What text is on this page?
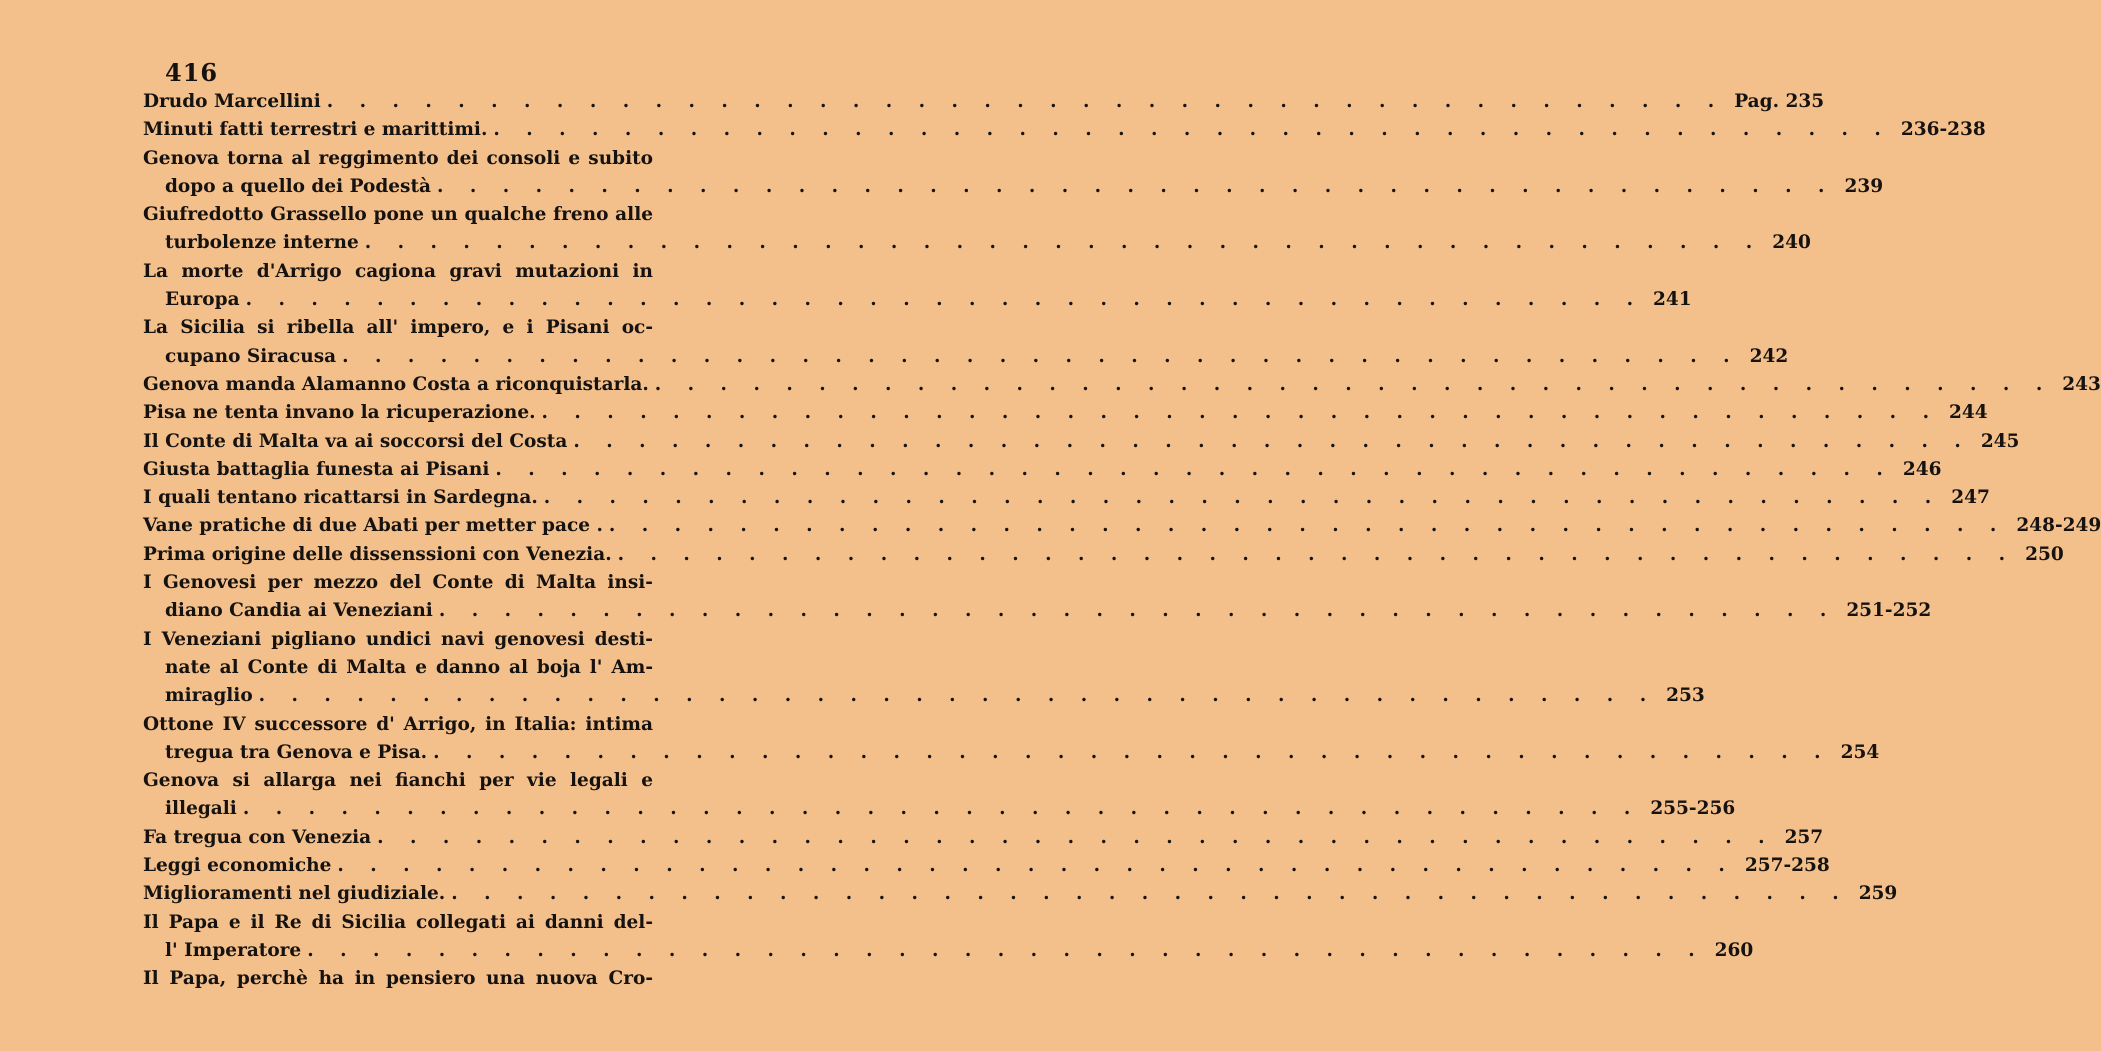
416
Drudo Marcellini . . .	Pag. 235
Minuti fatti terrestri e marittimi. . . .	236-238
Genova torna al reggimento dei consoli e subito
dopo a quello dei Podestà . . .	239
Giufredotto Grassello pone un qualche freno alle
turbolenze interne . . .	240
La morte d'Arrigo cagiona gravi mutazioni in
Europa . . .	241
La Sicilia si ribella all' impero, e i Pisani oc-
cupano Siracusa . . .	242
Genova manda Alamanno Costa a riconquistarla. . . .	243
Pisa ne tenta invano la ricuperazione. . . .	244
Il Conte di Malta va ai soccorsi del Costa . . .	245
Giusta battaglia funesta ai Pisani . . .	246
I quali tentano ricattarsi in Sardegna. . . .	247
Vane pratiche di due Abati per metter pace . . . .	248-249
Prima origine delle dissenssioni con Venezia. . . .	250
I Genovesi per mezzo del Conte di Malta insi-
diano Candia ai Veneziani . . .	251-252
I Veneziani pigliano undici navi genovesi desti-
nate al Conte di Malta e danno al boja l' Am-
miraglio . . .	253
Ottone IV successore d' Arrigo, in Italia: intima
tregua tra Genova e Pisa. . . .	254
Genova si allarga nei fianchi per vie legali e
illegali . . .	255-256
Fa tregua con Venezia . . .	257
Leggi economiche . . .	257-258
Miglioramenti nel giudiziale. . . .	259
Il Papa e il Re di Sicilia collegati ai danni del-
l' Imperatore . . .	260
Il Papa, perchè ha in pensiero una nuova Cro-
